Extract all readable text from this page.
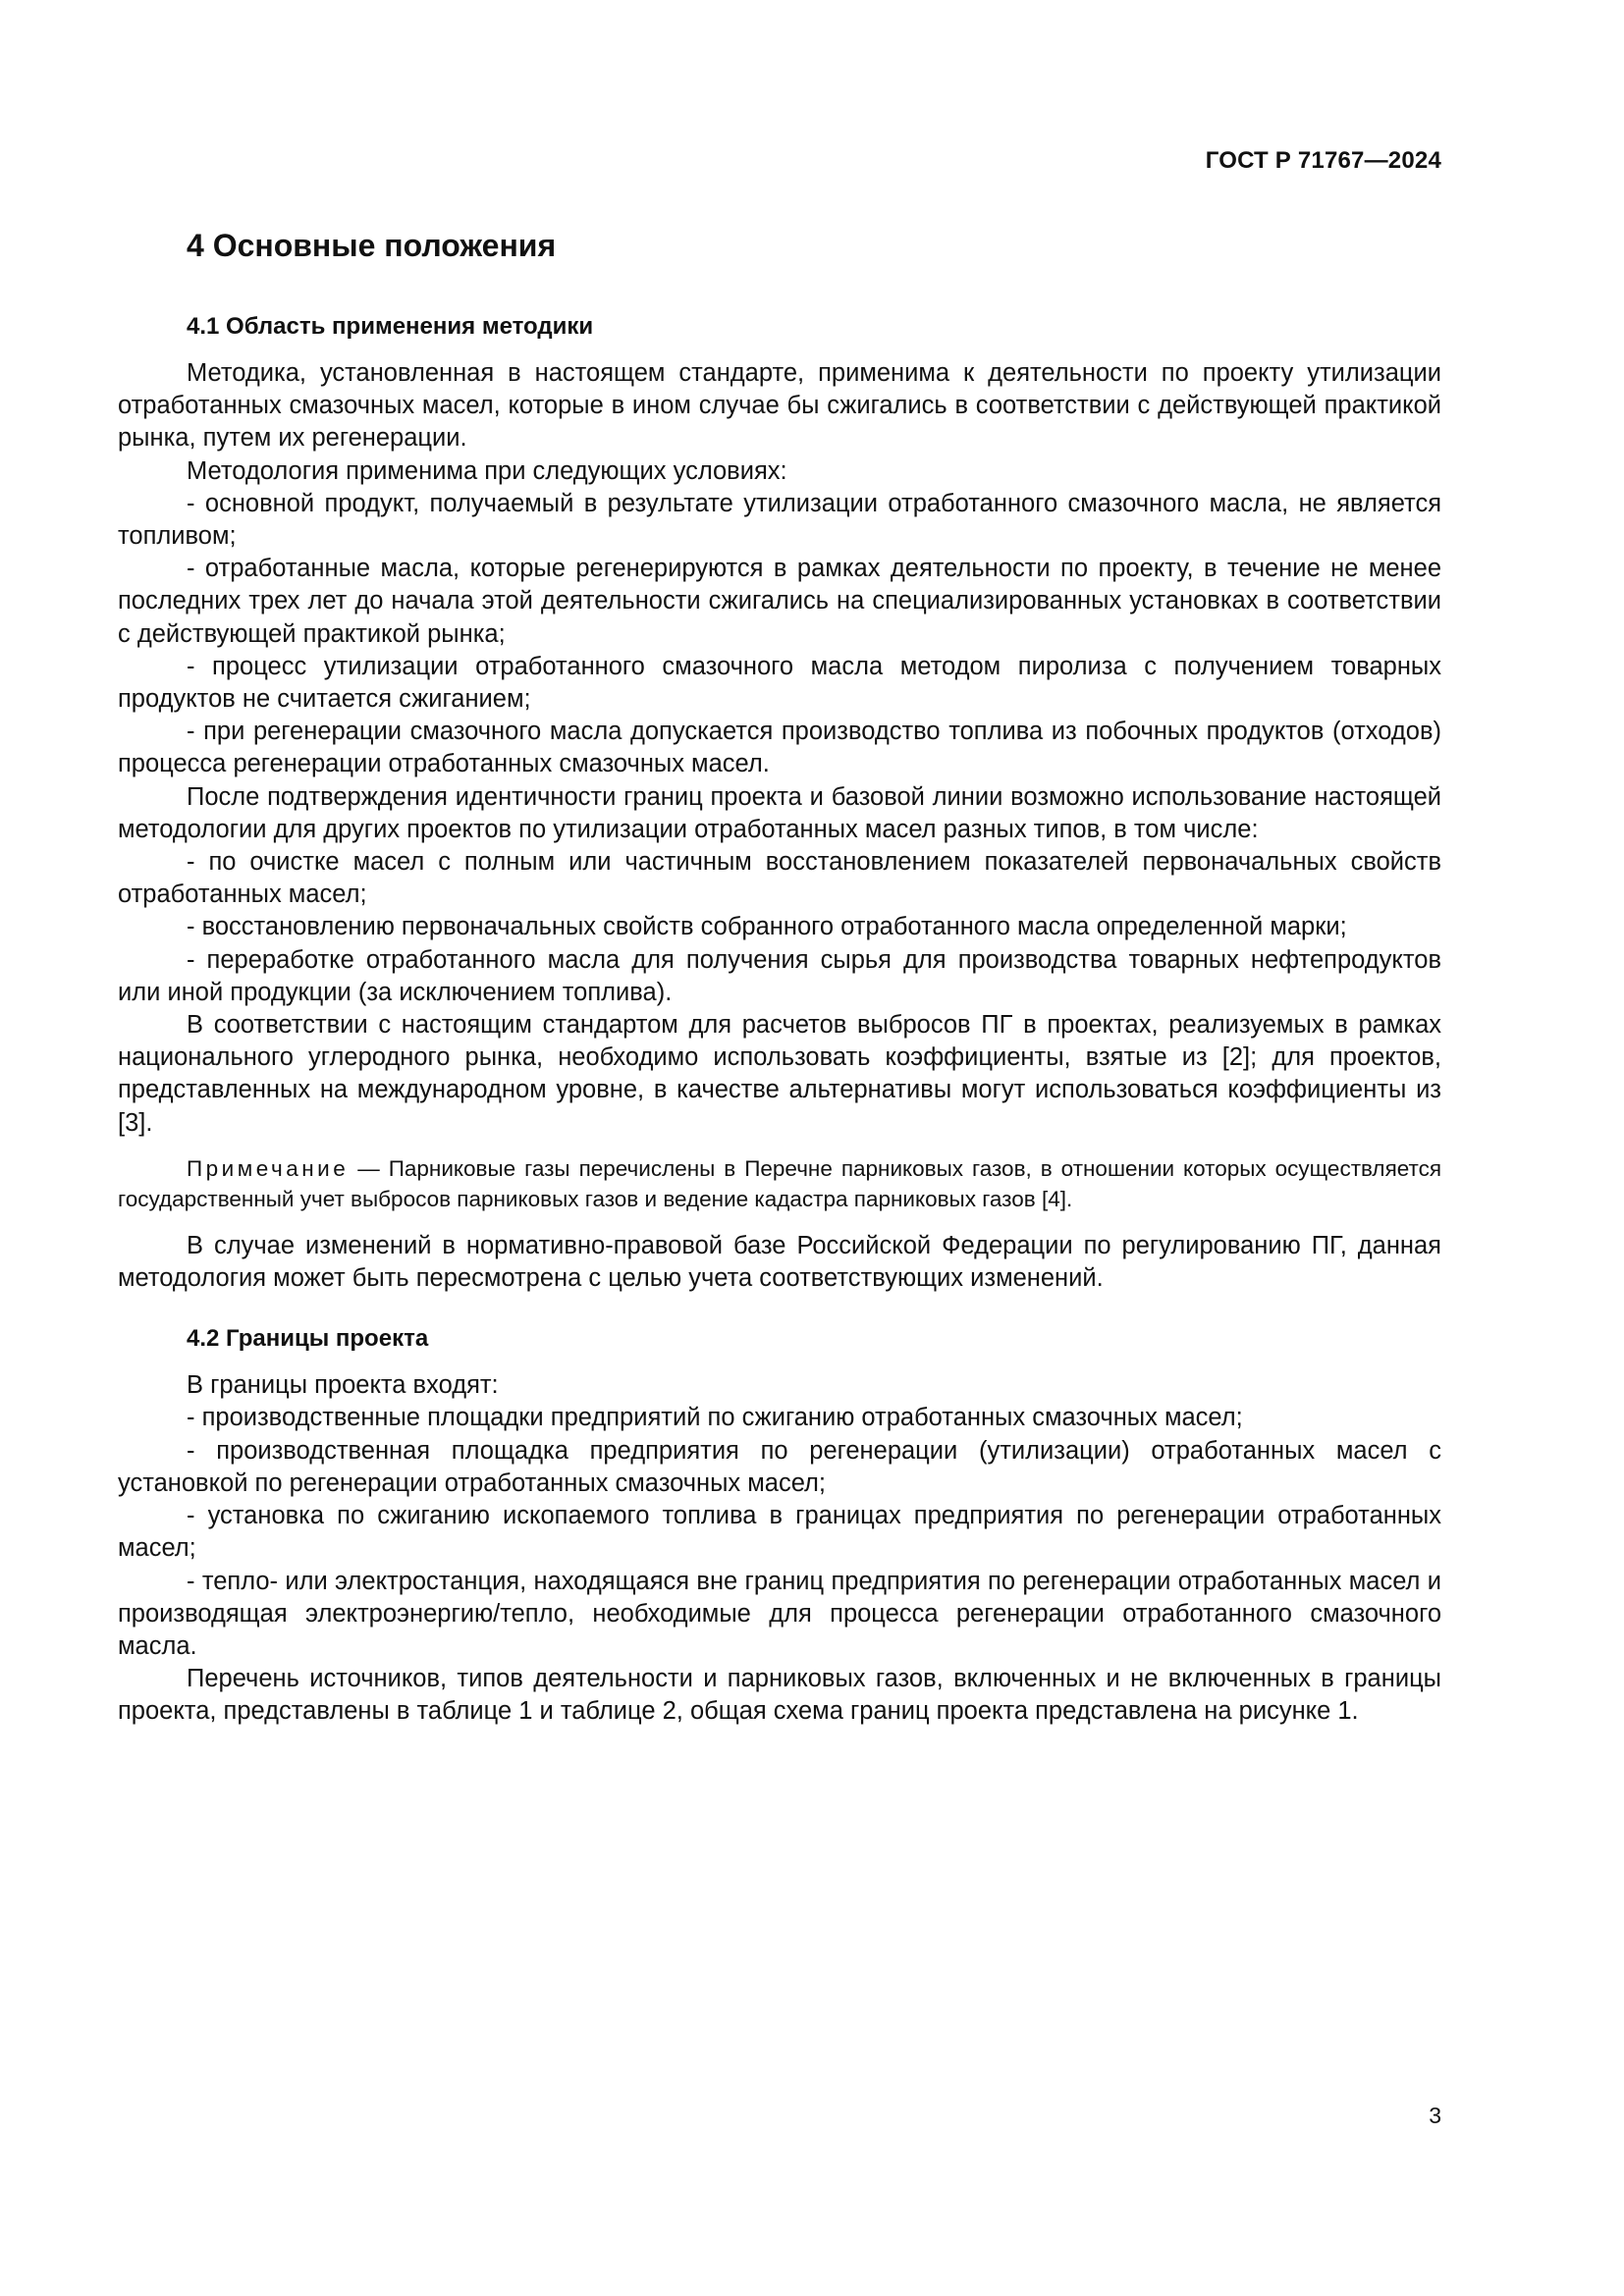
ГОСТ Р 71767—2024
4 Основные положения
4.1 Область применения методики

Методика, установленная в настоящем стандарте, применима к деятельности по проекту утилизации отработанных смазочных масел, которые в ином случае бы сжигались в соответствии с действующей практикой рынка, путем их регенерации.

Методология применима при следующих условиях:

- основной продукт, получаемый в результате утилизации отработанного смазочного масла, не является топливом;

- отработанные масла, которые регенерируются в рамках деятельности по проекту, в течение не менее последних трех лет до начала этой деятельности сжигались на специализированных установках в соответствии с действующей практикой рынка;

- процесс утилизации отработанного смазочного масла методом пиролиза с получением товарных продуктов не считается сжиганием;

- при регенерации смазочного масла допускается производство топлива из побочных продуктов (отходов) процесса регенерации отработанных смазочных масел.

После подтверждения идентичности границ проекта и базовой линии возможно использование настоящей методологии для других проектов по утилизации отработанных масел разных типов, в том числе:

- по очистке масел с полным или частичным восстановлением показателей первоначальных свойств отработанных масел;

- восстановлению первоначальных свойств собранного отработанного масла определенной марки;

- переработке отработанного масла для получения сырья для производства товарных нефтепродуктов или иной продукции (за исключением топлива).

В соответствии с настоящим стандартом для расчетов выбросов ПГ в проектах, реализуемых в рамках национального углеродного рынка, необходимо использовать коэффициенты, взятые из [2]; для проектов, представленных на международном уровне, в качестве альтернативы могут использоваться коэффициенты из [3].

Примечание — Парниковые газы перечислены в Перечне парниковых газов, в отношении которых осуществляется государственный учет выбросов парниковых газов и ведение кадастра парниковых газов [4].

В случае изменений в нормативно-правовой базе Российской Федерации по регулированию ПГ, данная методология может быть пересмотрена с целью учета соответствующих изменений.

4.2 Границы проекта

В границы проекта входят:

- производственные площадки предприятий по сжиганию отработанных смазочных масел;

- производственная площадка предприятия по регенерации (утилизации) отработанных масел с установкой по регенерации отработанных смазочных масел;

- установка по сжиганию ископаемого топлива в границах предприятия по регенерации отработанных масел;

- тепло- или электростанция, находящаяся вне границ предприятия по регенерации отработанных масел и производящая электроэнергию/тепло, необходимые для процесса регенерации отработанного смазочного масла.

Перечень источников, типов деятельности и парниковых газов, включенных и не включенных в границы проекта, представлены в таблице 1 и таблице 2, общая схема границ проекта представлена на рисунке 1.

3
